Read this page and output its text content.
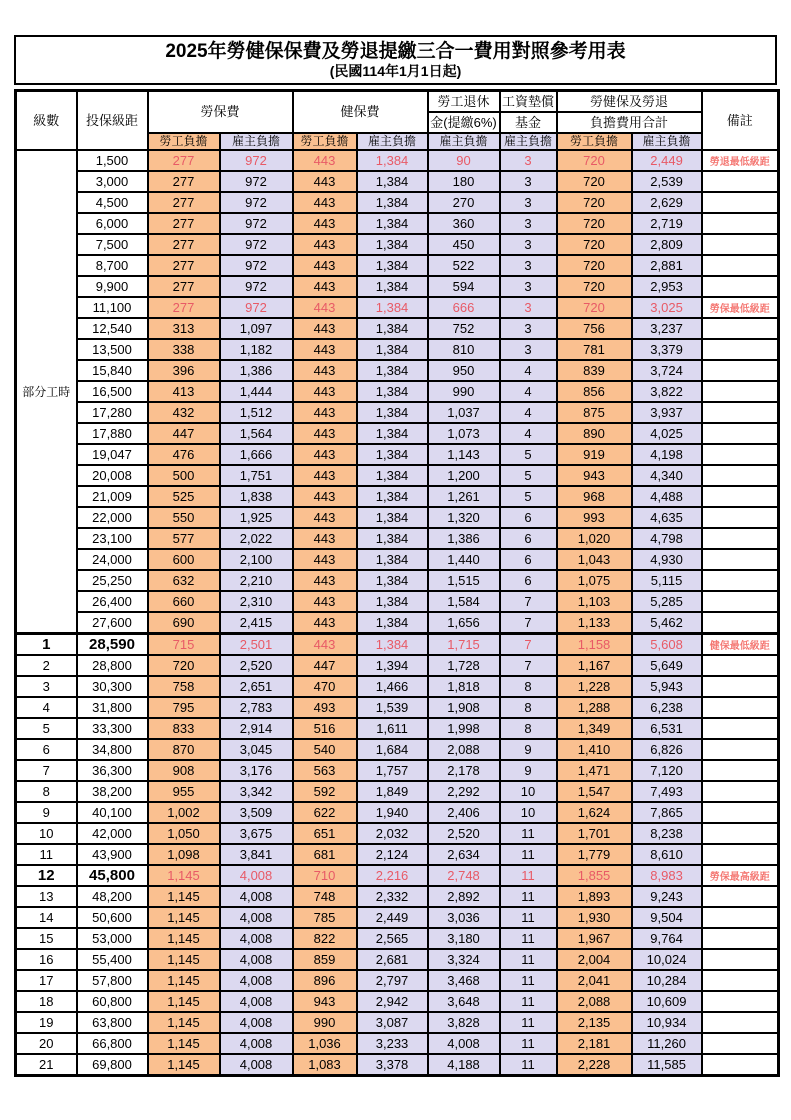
2025年勞健保保費及勞退提繳三合一費用對照參考用表
(民國114年1月1日起)
級數	投保級距	勞保費		健保費		勞工退休	工資墊償	勞健保及勞退		備註
						金(提繳6%)	基金	負擔費用合計		
		勞工負擔	雇主負擔	勞工負擔	雇主負擔	雇主負擔	雇主負擔	勞工負擔	雇主負擔	
部分工時	1,500	277	972	443	1,384	90	3	720	2,449	勞退最低級距
	3,000	277	972	443	1,384	180	3	720	2,539	
	4,500	277	972	443	1,384	270	3	720	2,629	
	6,000	277	972	443	1,384	360	3	720	2,719	
	7,500	277	972	443	1,384	450	3	720	2,809	
	8,700	277	972	443	1,384	522	3	720	2,881	
	9,900	277	972	443	1,384	594	3	720	2,953	
	11,100	277	972	443	1,384	666	3	720	3,025	勞保最低級距
	12,540	313	1,097	443	1,384	752	3	756	3,237	
	13,500	338	1,182	443	1,384	810	3	781	3,379	
	15,840	396	1,386	443	1,384	950	4	839	3,724	
	16,500	413	1,444	443	1,384	990	4	856	3,822	
	17,280	432	1,512	443	1,384	1,037	4	875	3,937	
	17,880	447	1,564	443	1,384	1,073	4	890	4,025	
	19,047	476	1,666	443	1,384	1,143	5	919	4,198	
	20,008	500	1,751	443	1,384	1,200	5	943	4,340	
	21,009	525	1,838	443	1,384	1,261	5	968	4,488	
	22,000	550	1,925	443	1,384	1,320	6	993	4,635	
	23,100	577	2,022	443	1,384	1,386	6	1,020	4,798	
	24,000	600	2,100	443	1,384	1,440	6	1,043	4,930	
	25,250	632	2,210	443	1,384	1,515	6	1,075	5,115	
	26,400	660	2,310	443	1,384	1,584	7	1,103	5,285	
	27,600	690	2,415	443	1,384	1,656	7	1,133	5,462	
1	28,590	715	2,501	443	1,384	1,715	7	1,158	5,608	健保最低級距
2	28,800	720	2,520	447	1,394	1,728	7	1,167	5,649	
3	30,300	758	2,651	470	1,466	1,818	8	1,228	5,943	
4	31,800	795	2,783	493	1,539	1,908	8	1,288	6,238	
5	33,300	833	2,914	516	1,611	1,998	8	1,349	6,531	
6	34,800	870	3,045	540	1,684	2,088	9	1,410	6,826	
7	36,300	908	3,176	563	1,757	2,178	9	1,471	7,120	
8	38,200	955	3,342	592	1,849	2,292	10	1,547	7,493	
9	40,100	1,002	3,509	622	1,940	2,406	10	1,624	7,865	
10	42,000	1,050	3,675	651	2,032	2,520	11	1,701	8,238	
11	43,900	1,098	3,841	681	2,124	2,634	11	1,779	8,610	
12	45,800	1,145	4,008	710	2,216	2,748	11	1,855	8,983	勞保最高級距
13	48,200	1,145	4,008	748	2,332	2,892	11	1,893	9,243	
14	50,600	1,145	4,008	785	2,449	3,036	11	1,930	9,504	
15	53,000	1,145	4,008	822	2,565	3,180	11	1,967	9,764	
16	55,400	1,145	4,008	859	2,681	3,324	11	2,004	10,024	
17	57,800	1,145	4,008	896	2,797	3,468	11	2,041	10,284	
18	60,800	1,145	4,008	943	2,942	3,648	11	2,088	10,609	
19	63,800	1,145	4,008	990	3,087	3,828	11	2,135	10,934	
20	66,800	1,145	4,008	1,036	3,233	4,008	11	2,181	11,260	
21	69,800	1,145	4,008	1,083	3,378	4,188	11	2,228	11,585	
